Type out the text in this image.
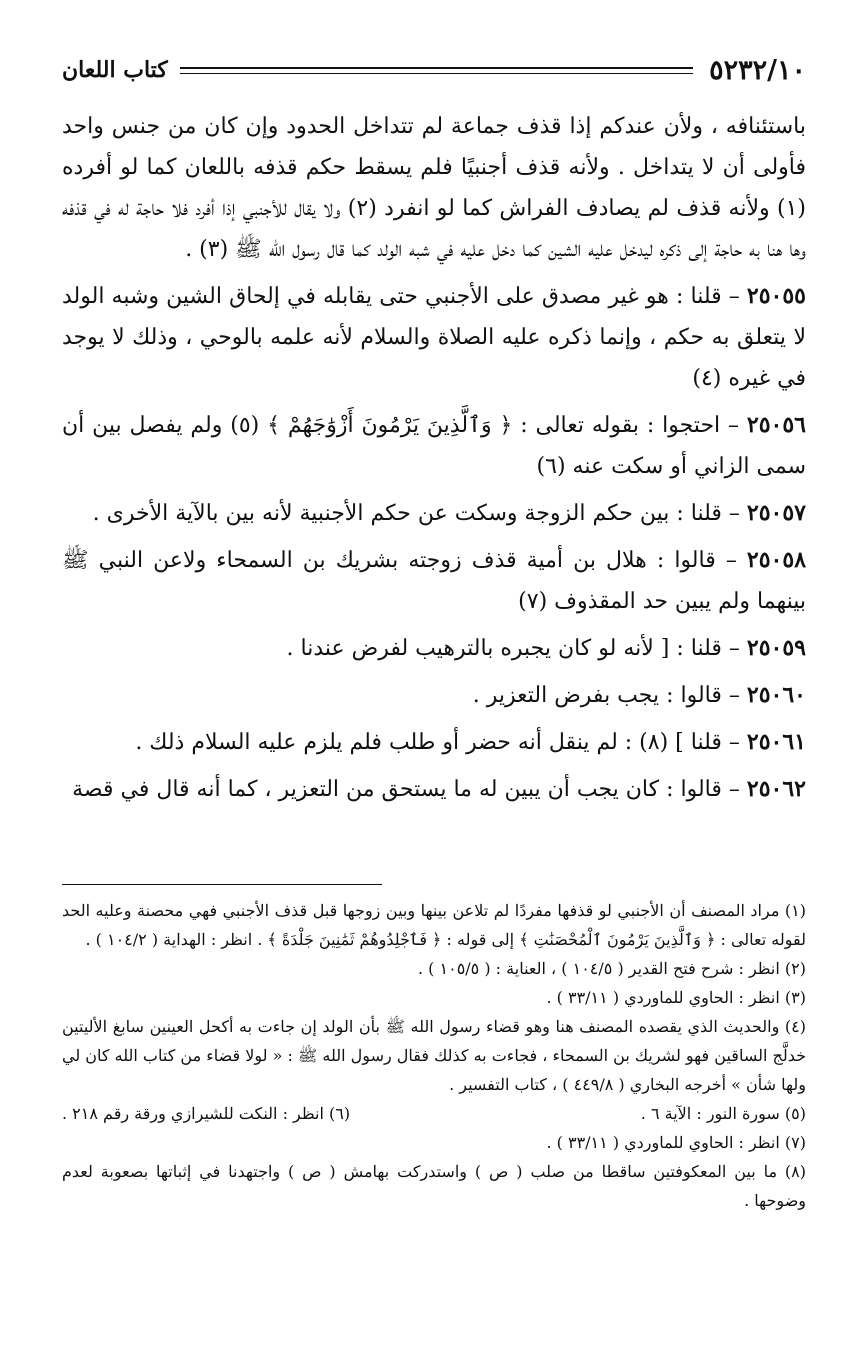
٥٢٣٢/١٠
كتاب اللعان

باستئنافه ، ولأن عندكم إذا قذف جماعة لم تتداخل الحدود وإن كان من جنس واحد فأولى أن لا يتداخل . ولأنه قذف أجنبيًا فلم يسقط حكم قذفه باللعان كما لو أفرده (١) ولأنه قذف لم يصادف الفراش كما لو انفرد (٢) ولا يقال للأجنبي إذا أفرد فلا حاجة له في قذفه وها هنا به حاجة إلى ذكره ليدخل عليه الشين كما دخل عليه في شبه الولد كما قال رسول الله ﷺ (٣) .

٢٥٠٥٥ – قلنا : هو غير مصدق على الأجنبي حتى يقابله في إلحاق الشين وشبه الولد لا يتعلق به حكم ، وإنما ذكره عليه الصلاة والسلام لأنه علمه بالوحي ، وذلك لا يوجد في غيره (٤)

٢٥٠٥٦ – احتجوا : بقوله تعالى : ﴿ وَٱلَّذِينَ يَرْمُونَ أَزْوَٰجَهُمْ ﴾ (٥) ولم يفصل بين أن سمى الزاني أو سكت عنه (٦)

٢٥٠٥٧ – قلنا : بين حكم الزوجة وسكت عن حكم الأجنبية لأنه بين بالآية الأخرى .

٢٥٠٥٨ – قالوا : هلال بن أمية قذف زوجته بشريك بن السمحاء ولاعن النبي ﷺ بينهما ولم يبين حد المقذوف (٧)

٢٥٠٥٩ – قلنا : [ لأنه لو كان يجبره بالترهيب لفرض عندنا .

٢٥٠٦٠ – قالوا : يجب بفرض التعزير .

٢٥٠٦١ – قلنا ] (٨) : لم ينقل أنه حضر أو طلب فلم يلزم عليه السلام ذلك .

٢٥٠٦٢ – قالوا : كان يجب أن يبين له ما يستحق من التعزير ، كما أنه قال في قصة

(١) مراد المصنف أن الأجنبي لو قذفها مفردًا لم تلاعن بينها وبين زوجها قبل قذف الأجنبي فهي محصنة وعليه الحد لقوله تعالى : ﴿ وَٱلَّذِينَ يَرْمُونَ ٱلْمُحْصَنَٰتِ ﴾ إلى قوله : ﴿ فَٱجْلِدُوهُمْ ثَمَٰنِينَ جَلْدَةً ﴾ . انظر : الهداية ( ١٠٤/٢ ) .

(٢) انظر : شرح فتح القدير ( ١٠٤/٥ ) ، العناية : ( ١٠٥/٥ ) .

(٣) انظر : الحاوي للماوردي ( ٣٣/١١ ) .

(٤) والحديث الذي يقصده المصنف هنا وهو قضاء رسول الله ﷺ بأن الولد إن جاءت به أكحل العينين سابغ الأليتين خدلَّج الساقين فهو لشريك بن السمحاء ، فجاءت به كذلك فقال رسول الله ﷺ : « لولا قضاء من كتاب الله كان لي ولها شأن » أخرجه البخاري ( ٤٤٩/٨ ) ، كتاب التفسير .

(٥) سورة النور : الآية ٦ .
(٦) انظر : النكت للشيرازي ورقة رقم ٢١٨ .

(٧) انظر : الحاوي للماوردي ( ٣٣/١١ ) .

(٨) ما بين المعكوفتين ساقطا من صلب ( ص ) واستدركت بهامش ( ص ) واجتهدنا في إثباتها بصعوبة لعدم وضوحها .
